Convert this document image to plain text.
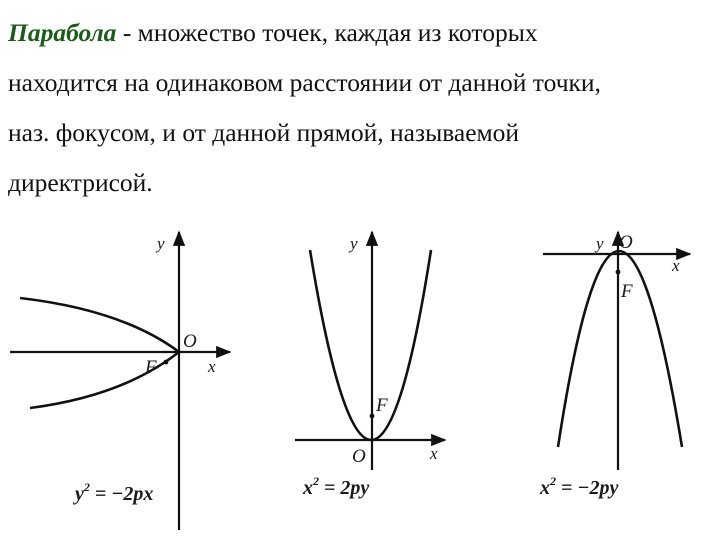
Парабола - множество точек, каждая из которых
находится на одинаковом расстоянии от данной точки,
наз. фокусом, и от данной прямой, называемой
директрисой.
y
O
F	x
$y^2 = -2px$
y
F
O	x
$x^2 = 2py$
y O
F
x
$x^2 = -2py$
